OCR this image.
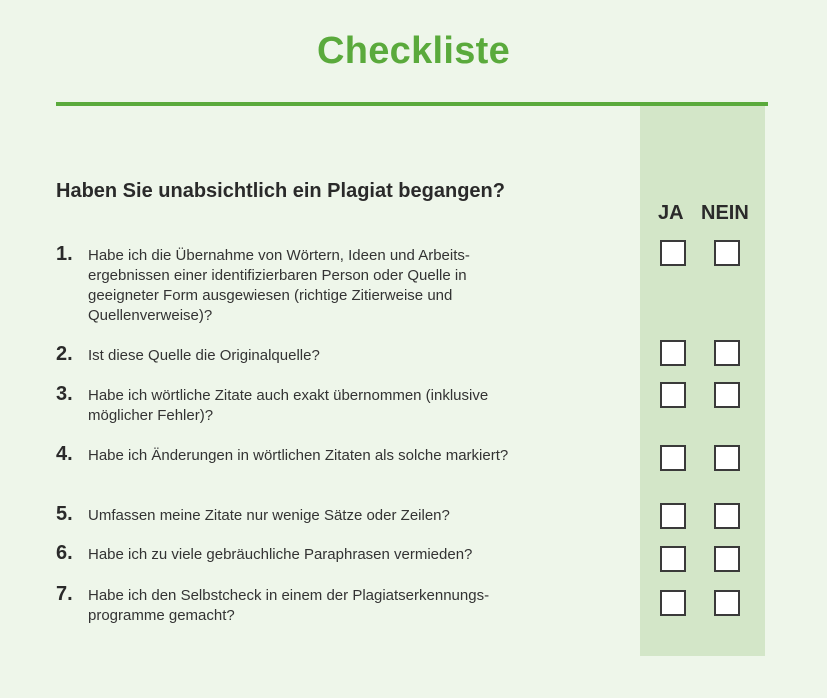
Checkliste
Haben Sie unabsichtlich ein Plagiat begangen?
JA NEIN
1. Habe ich die Übernahme von Wörtern, Ideen und Arbeits-ergebnissen einer identifizierbaren Person oder Quelle in geeigneter Form ausgewiesen (richtige Zitierweise und Quellenverweise)?
2. Ist diese Quelle die Originalquelle?
3. Habe ich wörtliche Zitate auch exakt übernommen (inklusive möglicher Fehler)?
4. Habe ich Änderungen in wörtlichen Zitaten als solche markiert?
5. Umfassen meine Zitate nur wenige Sätze oder Zeilen?
6. Habe ich zu viele gebräuchliche Paraphrasen vermieden?
7. Habe ich den Selbstcheck in einem der Plagiatserkennungs-programme gemacht?
